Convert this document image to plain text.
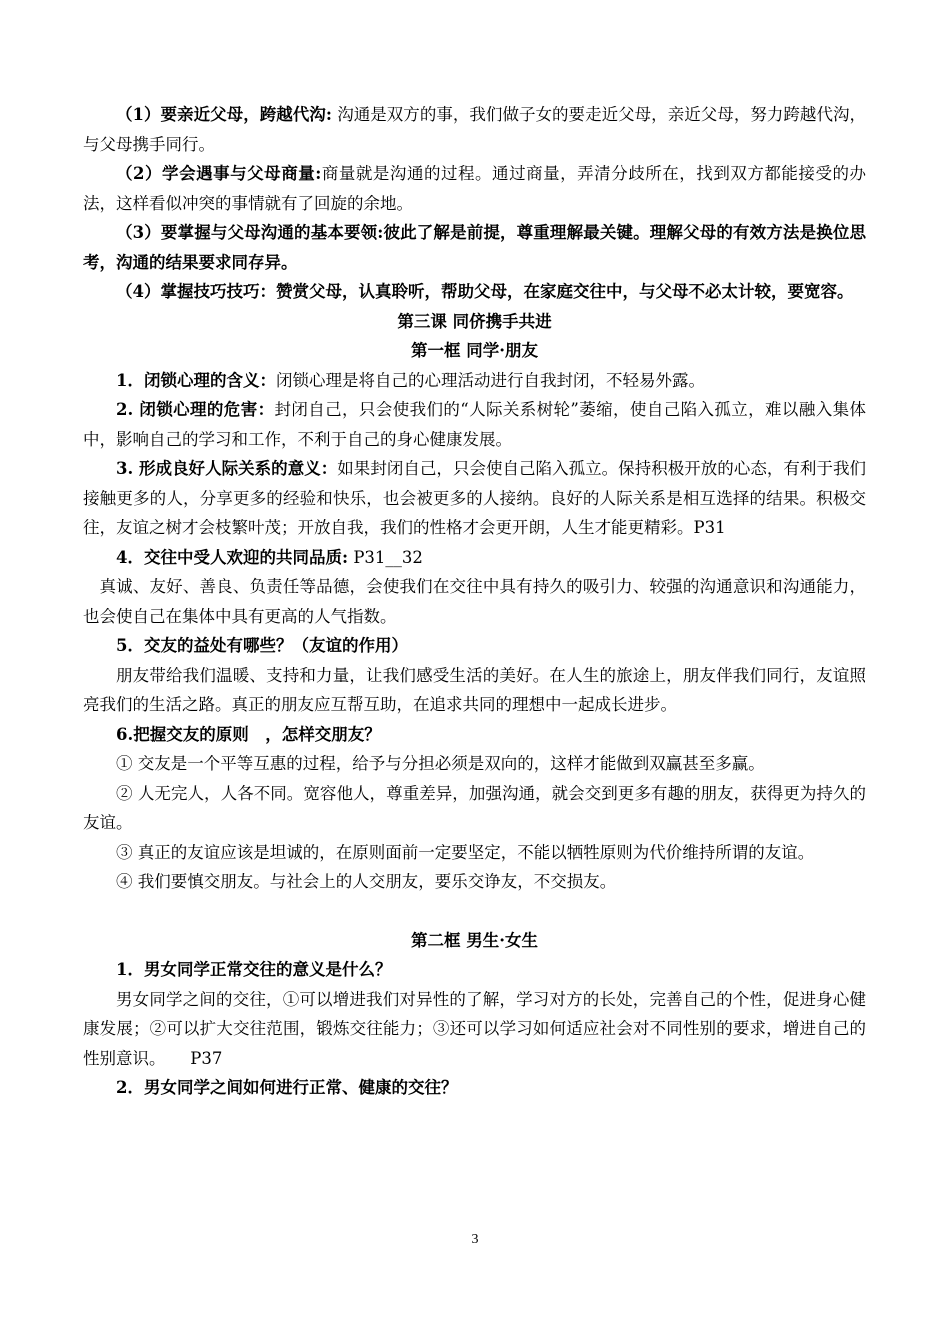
（1）要亲近父母，跨越代沟: 沟通是双方的事，我们做子女的要走近父母，亲近父母，努力跨越代沟，与父母携手同行。

（2）学会遇事与父母商量:商量就是沟通的过程。通过商量，弄清分歧所在，找到双方都能接受的办法，这样看似冲突的事情就有了回旋的余地。

（3）要掌握与父母沟通的基本要领:彼此了解是前提，尊重理解最关键。理解父母的有效方法是换位思考，沟通的结果要求同存异。

（4）掌握技巧技巧：赞赏父母，认真聆听，帮助父母，在家庭交往中，与父母不必太计较，要宽容。

第三课 同侪携手共进

第一框 同学·朋友

1．闭锁心理的含义：闭锁心理是将自己的心理活动进行自我封闭，不轻易外露。

2. 闭锁心理的危害：封闭自己，只会使我们的“人际关系树轮”萎缩，使自己陷入孤立，难以融入集体中，影响自己的学习和工作，不利于自己的身心健康发展。

3. 形成良好人际关系的意义：如果封闭自己，只会使自己陷入孤立。保持积极开放的心态，有利于我们接触更多的人，分享更多的经验和快乐，也会被更多的人接纳。良好的人际关系是相互选择的结果。积极交往，友谊之树才会枝繁叶茂；开放自我，我们的性格才会更开朗，人生才能更精彩。P31

4．交往中受人欢迎的共同品质: P31__32

真诚、友好、善良、负责任等品德，会使我们在交往中具有持久的吸引力、较强的沟通意识和沟通能力，也会使自己在集体中具有更高的人气指数。

5．交友的益处有哪些？（友谊的作用）

朋友带给我们温暖、支持和力量，让我们感受生活的美好。在人生的旅途上，朋友伴我们同行，友谊照亮我们的生活之路。真正的朋友应互帮互助，在追求共同的理想中一起成长进步。

6.把握交友的原则　，怎样交朋友？

① 交友是一个平等互惠的过程，给予与分担必须是双向的，这样才能做到双赢甚至多赢。

② 人无完人，人各不同。宽容他人，尊重差异，加强沟通，就会交到更多有趣的朋友，获得更为持久的友谊。

③ 真正的友谊应该是坦诚的，在原则面前一定要坚定，不能以牺牲原则为代价维持所谓的友谊。

④ 我们要慎交朋友。与社会上的人交朋友，要乐交诤友，不交损友。

第二框 男生·女生

1．男女同学正常交往的意义是什么？

男女同学之间的交往，①可以增进我们对异性的了解，学习对方的长处，完善自己的个性，促进身心健康发展；②可以扩大交往范围，锻炼交往能力；③还可以学习如何适应社会对不同性别的要求，增进自己的性别意识。　　P37

2．男女同学之间如何进行正常、健康的交往？

3
